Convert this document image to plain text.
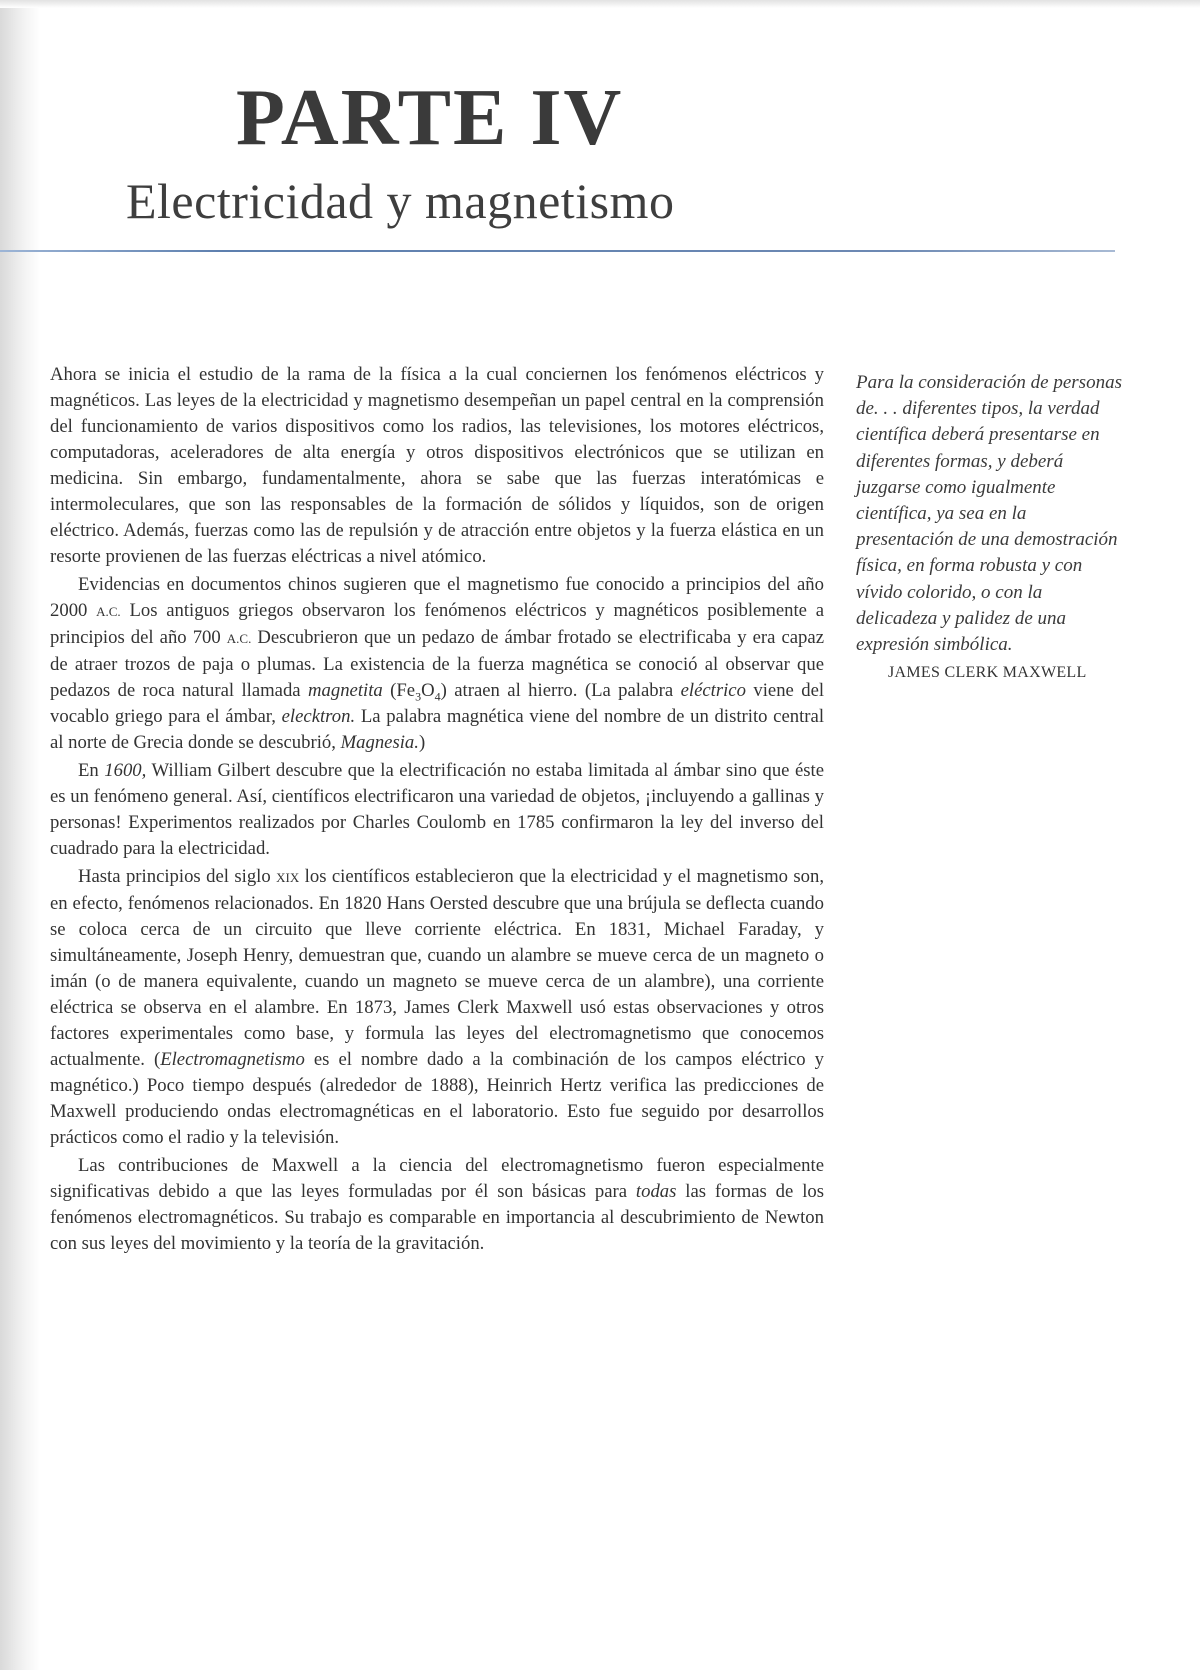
PARTE IV
Electricidad y magnetismo

Ahora se inicia el estudio de la rama de la física a la cual conciernen los fenómenos eléctricos y magnéticos. Las leyes de la electricidad y magnetismo desempeñan un papel central en la comprensión del funcionamiento de varios dispositivos como los radios, las televisiones, los motores eléctricos, computadoras, aceleradores de alta energía y otros dispositivos electrónicos que se utilizan en medicina. Sin embargo, fundamentalmente, ahora se sabe que las fuerzas interatómicas e intermoleculares, que son las responsables de la formación de sólidos y líquidos, son de origen eléctrico. Además, fuerzas como las de repulsión y de atracción entre objetos y la fuerza elástica en un resorte provienen de las fuerzas eléctricas a nivel atómico.

Evidencias en documentos chinos sugieren que el magnetismo fue conocido a principios del año 2000 A.C. Los antiguos griegos observaron los fenómenos eléctricos y magnéticos posiblemente a principios del año 700 A.C. Descubrieron que un pedazo de ámbar frotado se electrificaba y era capaz de atraer trozos de paja o plumas. La existencia de la fuerza magnética se conoció al observar que pedazos de roca natural llamada magnetita $(Fe_3O_4)$ atraen al hierro. (La palabra eléctrico viene del vocablo griego para el ámbar, elecktron. La palabra magnética viene del nombre de un distrito central al norte de Grecia donde se descubrió, Magnesia.)

En 1600, William Gilbert descubre que la electrificación no estaba limitada al ámbar sino que éste es un fenómeno general. Así, científicos electrificaron una variedad de objetos, ¡incluyendo a gallinas y personas! Experimentos realizados por Charles Coulomb en 1785 confirmaron la ley del inverso del cuadrado para la electricidad.

Hasta principios del siglo XIX los científicos establecieron que la electricidad y el magnetismo son, en efecto, fenómenos relacionados. En 1820 Hans Oersted descubre que una brújula se deflecta cuando se coloca cerca de un circuito que lleve corriente eléctrica. En 1831, Michael Faraday, y simultáneamente, Joseph Henry, demuestran que, cuando un alambre se mueve cerca de un magneto o imán (o de manera equivalente, cuando un magneto se mueve cerca de un alambre), una corriente eléctrica se observa en el alambre. En 1873, James Clerk Maxwell usó estas observaciones y otros factores experimentales como base, y formula las leyes del electromagnetismo que conocemos actualmente. (Electromagnetismo es el nombre dado a la combinación de los campos eléctrico y magnético.) Poco tiempo después (alrededor de 1888), Heinrich Hertz verifica las predicciones de Maxwell produciendo ondas electromagnéticas en el laboratorio. Esto fue seguido por desarrollos prácticos como el radio y la televisión.

Las contribuciones de Maxwell a la ciencia del electromagnetismo fueron especialmente significativas debido a que las leyes formuladas por él son básicas para todas las formas de los fenómenos electromagnéticos. Su trabajo es comparable en importancia al descubrimiento de Newton con sus leyes del movimiento y la teoría de la gravitación.

Para la consideración de personas de. . . diferentes tipos, la verdad científica deberá presentarse en diferentes formas, y deberá juzgarse como igualmente científica, ya sea en la presentación de una demostración física, en forma robusta y con vívido colorido, o con la delicadeza y palidez de una expresión simbólica.

JAMES CLERK MAXWELL
